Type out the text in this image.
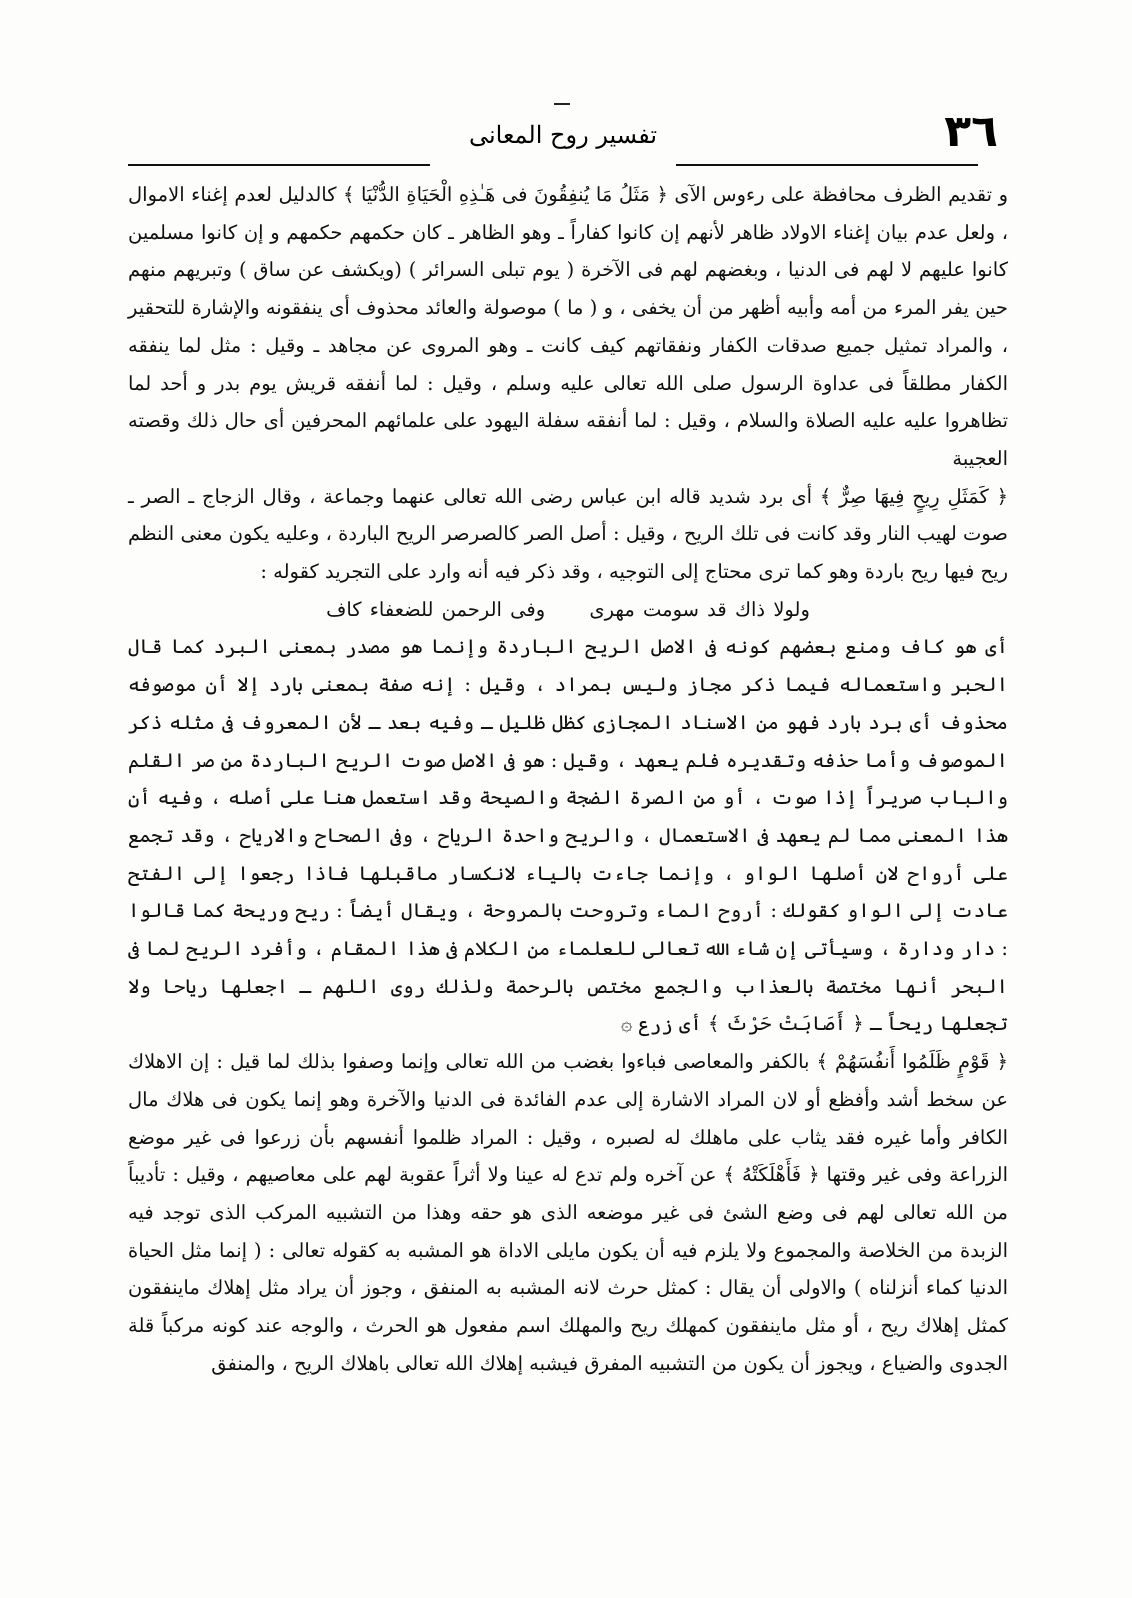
٣٦
تفسير روح المعانى

و تقديم الظرف محافظة على رءوس الآى ﴿ مَثَلُ مَا يُنفِقُونَ فى هَـٰذِهِ الْحَيَاةِ الدُّنْيَا ﴾ كالدليل لعدم إغناء الاموال ، ولعل عدم بيان إغناء الاولاد ظاهر لأنهم إن كانوا كفاراً ـ وهو الظاهر ـ كان حكمهم حكمهم و إن كانوا مسلمين كانوا عليهم لا لهم فى الدنيا ، وبغضهم لهم فى الآخرة ( يوم تبلى السرائر ) (ويكشف عن ساق ) وتبريهم منهم حين يفر المرء من أمه وأبيه أظهر من أن يخفى ، و ( ما ) موصولة والعائد محذوف أى ينفقونه والإشارة للتحقير ، والمراد تمثيل جميع صدقات الكفار ونفقاتهم كيف كانت ـ وهو المروى عن مجاهد ـ وقيل : مثل لما ينفقه الكفار مطلقاً فى عداوة الرسول صلى الله تعالى عليه وسلم ، وقيل : لما أنفقه قريش يوم بدر و أحد لما تظاهروا عليه عليه الصلاة والسلام ، وقيل : لما أنفقه سفلة اليهود على علمائهم المحرفين أى حال ذلك وقصته العجيبة

﴿ كَمَثَلِ رِيحٍ فِيهَا صِرٌّ ﴾ أى برد شديد قاله ابن عباس رضى الله تعالى عنهما وجماعة ، وقال الزجاج ـ الصر ـ صوت لهيب النار وقد كانت فى تلك الريح ، وقيل : أصل الصر كالصرصر الريح الباردة ، وعليه يكون معنى النظم ريح فيها ريح باردة وهو كما ترى محتاج إلى التوجيه ، وقد ذكر فيه أنه وارد على التجريد كقوله :

ولولا ذاك قد سومت مهرى وفى الرحمن للضعفاء كاف

أى هو كاف ومنع بعضهم كونه فى الاصل الريح الباردة وإنما هو مصدر بمعنى البرد كما قال الحبر واستعماله فيما ذكر مجاز وليس بمراد ، وقيل : إنه صفة بمعنى بارد إلا أن موصوفه محذوف أى برد بارد فهو من الاسناد المجازى كظل ظليل ـ وفيه بعد ـ لأن المعروف فى مثله ذكر الموصوف وأما حذفه وتقديره فلم يعهد ، وقيل : هو فى الاصل صوت الريح الباردة من صر القلم والباب صريراً إذا صوت ، أو من الصرة الضجة والصيحة وقد استعمل هنا على أصله ، وفيه أن هذا المعنى مما لم يعهد فى الاستعمال ، والريح واحدة الرياح ، وفى الصحاح والارياح ، وقد تجمع على أرواح لان أصلها الواو ، وإنما جاءت بالياء لانكسار ماقبلها فاذا رجعوا إلى الفتح عادت إلى الواو كقولك : أروح الماء وتروحت بالمروحة ، ويقال أيضاً : ريح وريحة كما قالوا : دار ودارة ، وسيأتى إن شاء الله تعالى للعلماء من الكلام فى هذا المقام ، وأفرد الريح لما فى البحر أنها مختصة بالعذاب والجمع مختص بالرحمة ولذلك روى اللهم ـ اجعلها رياحا ولا تجعلها ريحاً ـ ﴿ أَصَابَتْ حَرْثَ ﴾ أى زرع ۞

﴿ قَوْمٍ ظَلَمُوا أَنفُسَهُمْ ﴾ بالكفر والمعاصى فباءوا بغضب من الله تعالى وإنما وصفوا بذلك لما قيل : إن الاهلاك عن سخط أشد وأفظع أو لان المراد الاشارة إلى عدم الفائدة فى الدنيا والآخرة وهو إنما يكون فى هلاك مال الكافر وأما غيره فقد يثاب على ماهلك له لصبره ، وقيل : المراد ظلموا أنفسهم بأن زرعوا فى غير موضع الزراعة وفى غير وقتها ﴿ فَأَهْلَكَتْهُ ﴾ عن آخره ولم تدع له عينا ولا أثراً عقوبة لهم على معاصيهم ، وقيل : تأديباً من الله تعالى لهم فى وضع الشئ فى غير موضعه الذى هو حقه وهذا من التشبيه المركب الذى توجد فيه الزبدة من الخلاصة والمجموع ولا يلزم فيه أن يكون مايلى الاداة هو المشبه به كقوله تعالى : ( إنما مثل الحياة الدنيا كماء أنزلناه ) والاولى أن يقال : كمثل حرث لانه المشبه به المنفق ، وجوز أن يراد مثل إهلاك ماينفقون كمثل إهلاك ريح ، أو مثل ماينفقون كمهلك ريح والمهلك اسم مفعول هو الحرث ، والوجه عند كونه مركباً قلة الجدوى والضياع ، ويجوز أن يكون من التشبيه المفرق فيشبه إهلاك الله تعالى باهلاك الريح ، والمنفق
